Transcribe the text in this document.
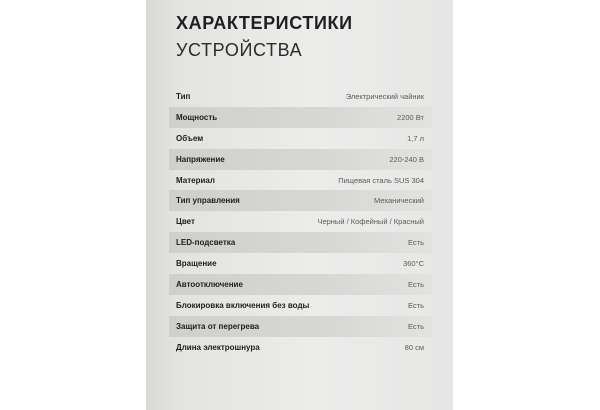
ХАРАКТЕРИСТИКИ
УСТРОЙСТВА
Тип	Электрический чайник
Мощность	2200 Вт
Объем	1,7 л
Напряжение	220-240 В
Материал	Пищевая сталь SUS 304
Тип управления	Механический
Цвет	Черный / Кофейный / Красный
LED-подсветка	Есть
Вращение	360°C
Автоотключение	Есть
Блокировка включения без воды	Есть
Защита от перегрева	Есть
Длина электрошнура	80 см
